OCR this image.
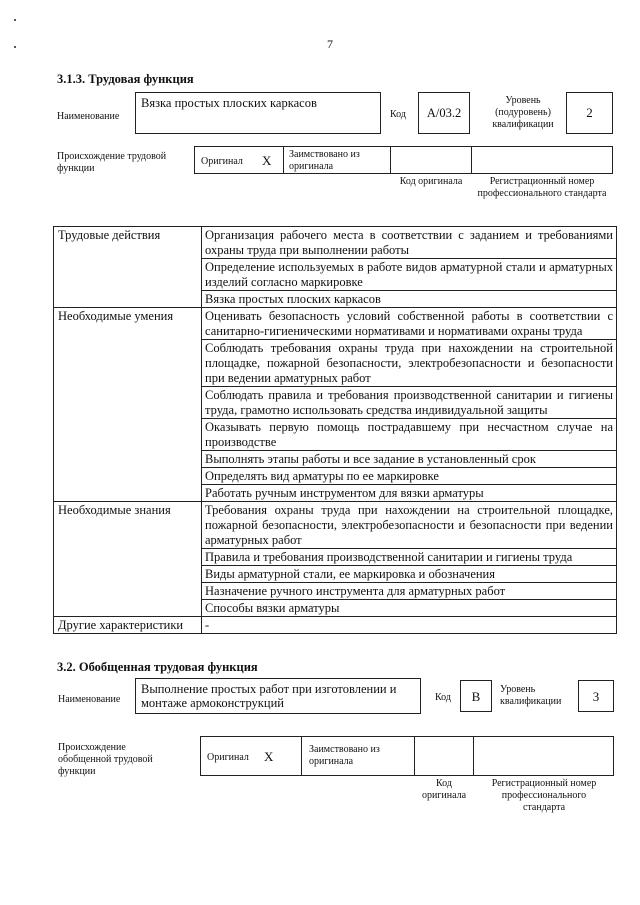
7
3.1.3. Трудовая функция
Наименование
Вязка простых плоских каркасов
Код	А/03.2
Уровень (подуровень) квалификации
2
Происхождение трудовой функции
Оригинал X Заимствовано из оригинала
Код оригинала	Регистрационный номер профессионального стандарта
Трудовые действия	Организация рабочего места в соответствии с заданием и требованиями охраны труда при выполнении работы
	Определение используемых в работе видов арматурной стали и арматурных изделий согласно маркировке
	Вязка простых плоских каркасов
Необходимые умения	Оценивать безопасность условий собственной работы в соответствии с санитарно-гигиеническими нормативами и нормативами охраны труда
	Соблюдать требования охраны труда при нахождении на строительной площадке, пожарной безопасности, электробезопасности и безопасности при ведении арматурных работ
	Соблюдать правила и требования производственной санитарии и гигиены труда, грамотно использовать средства индивидуальной защиты
	Оказывать первую помощь пострадавшему при несчастном случае на производстве
	Выполнять этапы работы и все задание в установленный срок
	Определять вид арматуры по ее маркировке
	Работать ручным инструментом для вязки арматуры
Необходимые знания	Требования охраны труда при нахождении на строительной площадке, пожарной безопасности, электробезопасности и безопасности при ведении арматурных работ
	Правила и требования производственной санитарии и гигиены труда
	Виды арматурной стали, ее маркировка и обозначения
	Назначение ручного инструмента для арматурных работ
	Способы вязки арматуры
Другие характеристики	-
3.2. Обобщенная трудовая функция
Наименование
Выполнение простых работ при изготовлении и монтаже армоконструкций	Код	В	Уровень квалификации	3
Происхождение обобщенной трудовой функции
Оригинал X	Заимствовано из оригинала
Код оригинала
Регистрационный номер профессионального стандарта
